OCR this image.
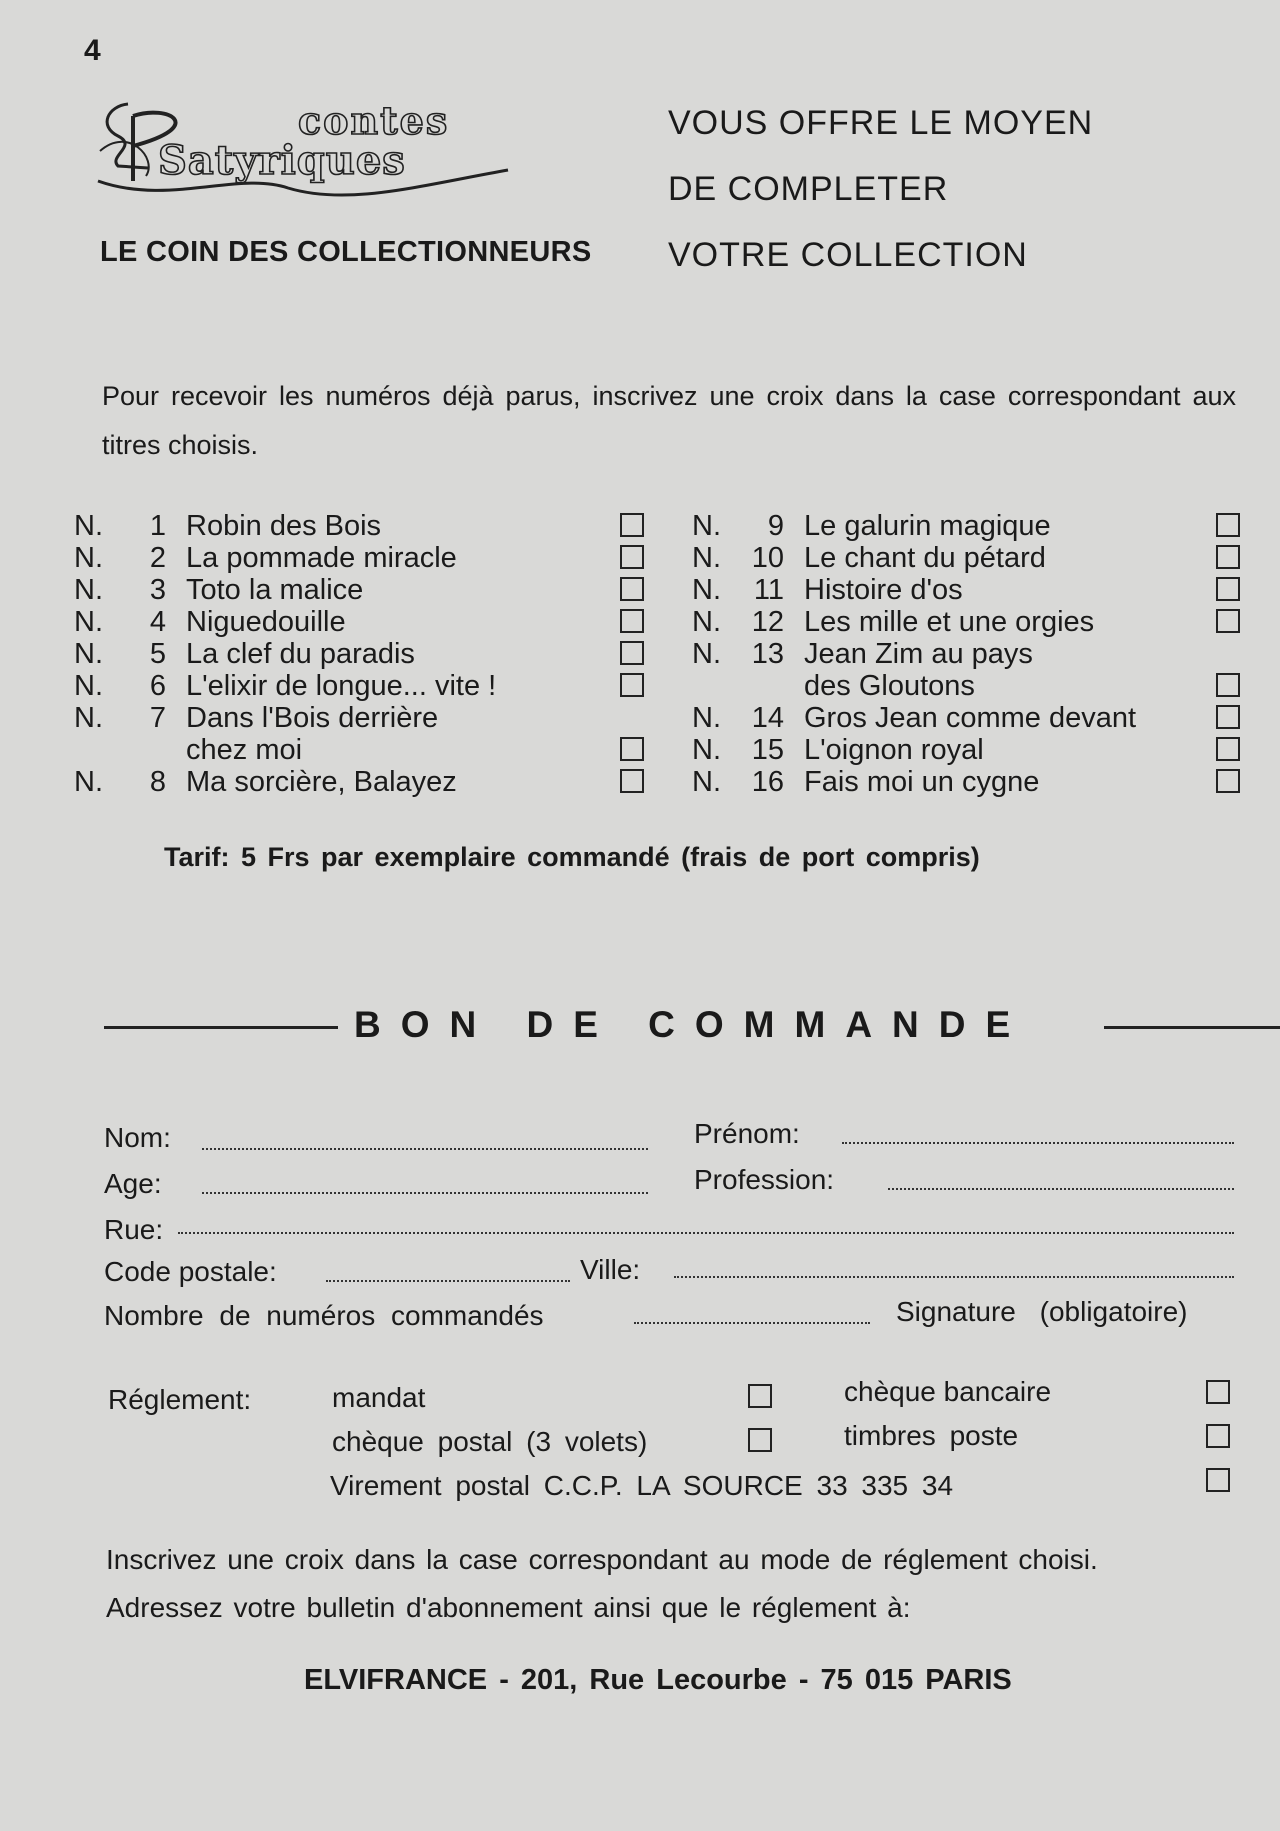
4
contes
Satyriques
LE COIN DES COLLECTIONNEURS
VOUS OFFRE LE MOYEN
DE COMPLETER
VOTRE COLLECTION
Pour recevoir les numéros déjà parus, inscrivez une croix dans la case correspondant aux titres choisis.
N. 1 Robin des Bois
N. 2 La pommade miracle
N. 3 Toto la malice
N. 4 Niguedouille
N. 5 La clef du paradis
N. 6 L'elixir de longue... vite !
N. 7 Dans l'Bois derrière
chez moi
N. 8 Ma sorcière, Balayez
N. 9 Le galurin magique
N. 10 Le chant du pétard
N. 11 Histoire d'os
N. 12 Les mille et une orgies
N. 13 Jean Zim au pays
des Gloutons
N. 14 Gros Jean comme devant
N. 15 L'oignon royal
N. 16 Fais moi un cygne
Tarif: 5 Frs par exemplaire commandé (frais de port compris)
BON DE COMMANDE
Nom:	Prénom:
Age:	Profession:
Rue:
Code postale:	Ville:
Nombre de numéros commandés	Signature (obligatoire)
Réglement:	mandat	chèque bancaire
chèque postal (3 volets)	timbres poste
Virement postal C.C.P. LA SOURCE 33 335 34
Inscrivez une croix dans la case correspondant au mode de réglement choisi.
Adressez votre bulletin d'abonnement ainsi que le réglement à:
ELVIFRANCE - 201, Rue Lecourbe - 75 015 PARIS
